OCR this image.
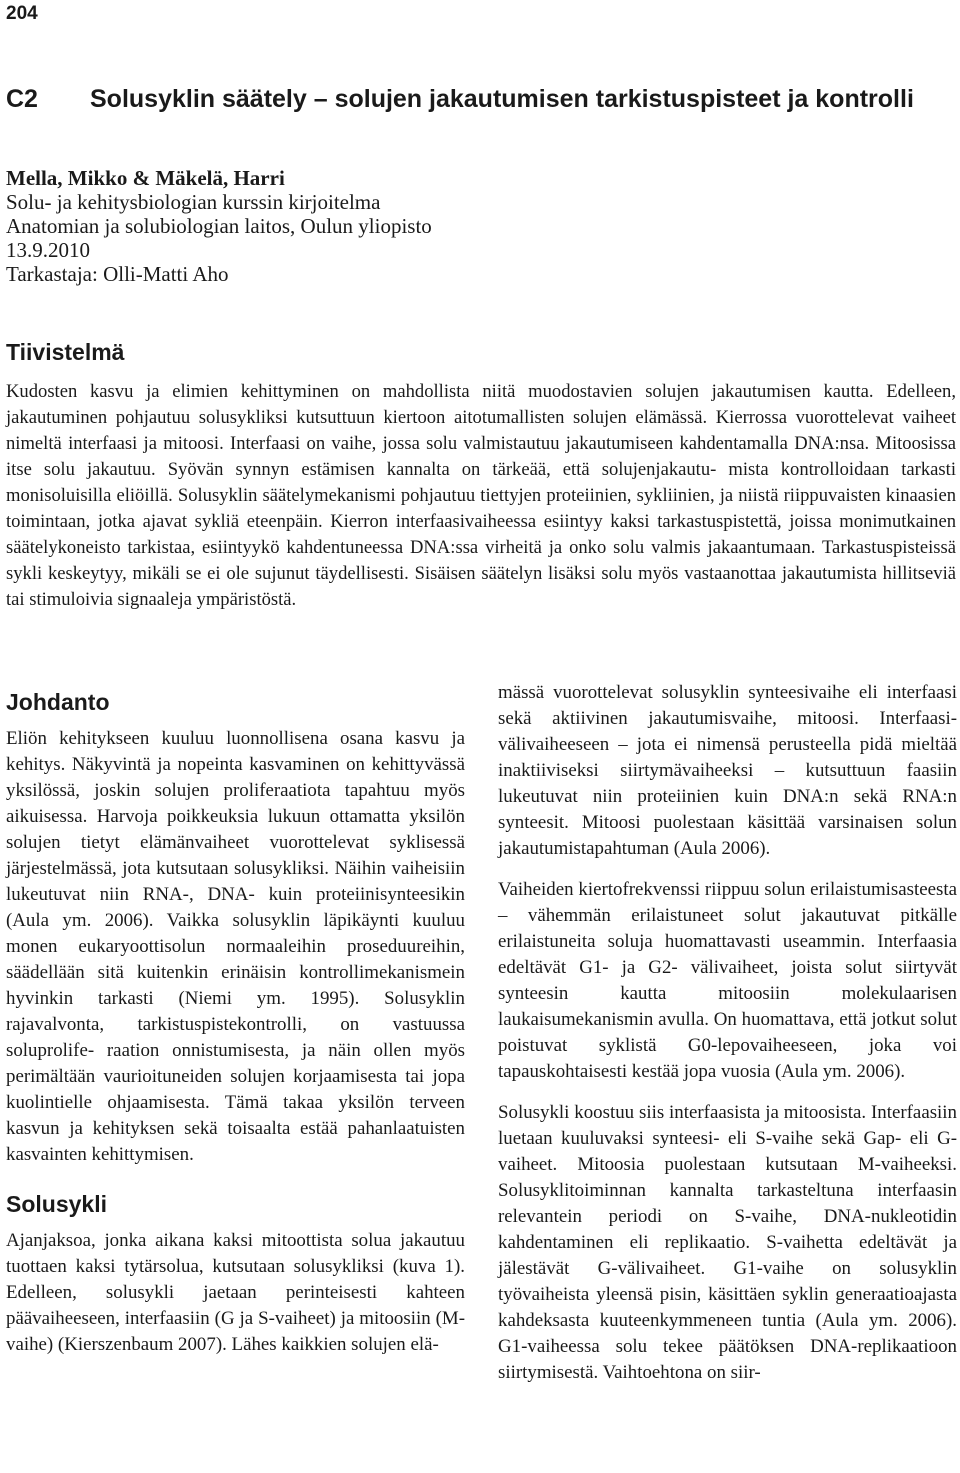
204
C2 Solusyklin säätely – solujen jakautumisen tarkistuspisteet ja kontrolli
Mella, Mikko & Mäkelä, Harri
Solu- ja kehitysbiologian kurssin kirjoitelma
Anatomian ja solubiologian laitos, Oulun yliopisto
13.9.2010
Tarkastaja: Olli-Matti Aho
Tiivistelmä

Kudosten kasvu ja elimien kehittyminen on mahdollista niitä muodostavien solujen jakautumisen kautta. Edelleen, jakautuminen pohjautuu solusykliksi kutsuttuun kiertoon aitotumallisten solujen elämässä. Kierrossa vuorottelevat vaiheet nimeltä interfaasi ja mitoosi. Interfaasi on vaihe, jossa solu valmistautuu jakautumiseen kahdentamalla DNA:nsa. Mitoosissa itse solu jakautuu. Syövän synnyn estämisen kannalta on tärkeää, että solujenjakautu- mista kontrolloidaan tarkasti monisoluisilla eliöillä. Solusyklin säätelymekanismi pohjautuu tiettyjen proteiinien, sykliinien, ja niistä riippuvaisten kinaasien toimintaan, jotka ajavat sykliä eteenpäin. Kierron interfaasivaiheessa esiintyy kaksi tarkastuspistettä, joissa monimutkainen säätelykoneisto tarkistaa, esiintyykö kahdentuneessa DNA:ssa virheitä ja onko solu valmis jakaantumaan. Tarkastuspisteissä sykli keskeytyy, mikäli se ei ole sujunut täydellisesti. Sisäisen säätelyn lisäksi solu myös vastaanottaa jakautumista hillitseviä tai stimuloivia signaaleja ympäristöstä.

Johdanto

Eliön kehitykseen kuuluu luonnollisena osana kasvu ja kehitys. Näkyvintä ja nopeinta kasvaminen on kehittyvässä yksilössä, joskin solujen proliferaatiota tapahtuu myös aikuisessa. Harvoja poikkeuksia lukuun ottamatta yksilön solujen tietyt elämänvaiheet vuorottelevat syklisessä järjestelmässä, jota kutsutaan solusykliksi. Näihin vaiheisiin lukeutuvat niin RNA-, DNA- kuin proteiinisynteesikin (Aula ym. 2006). Vaikka solusyklin läpikäynti kuuluu monen eukaryoottisolun normaaleihin proseduureihin, säädellään sitä kuitenkin erinäisin kontrollimekanismein hyvinkin tarkasti (Niemi ym. 1995). Solusyklin rajavalvonta, tarkistuspistekontrolli, on vastuussa soluprolife- raation onnistumisesta, ja näin ollen myös perimältään vaurioituneiden solujen korjaamisesta tai jopa kuolintielle ohjaamisesta. Tämä takaa yksilön terveen kasvun ja kehityksen sekä toisaalta estää pahanlaatuisten kasvainten kehittymisen.

Solusykli

Ajanjaksoa, jonka aikana kaksi mitoottista solua jakautuu tuottaen kaksi tytärsolua, kutsutaan solusykliksi (kuva 1). Edelleen, solusykli jaetaan perinteisesti kahteen päävaiheeseen, interfaasiin (G ja S-vaiheet) ja mitoosiin (M-vaihe) (Kierszenbaum 2007). Lähes kaikkien solujen elä-

mässä vuorottelevat solusyklin synteesivaihe eli interfaasi sekä aktiivinen jakautumisvaihe, mitoosi. Interfaasi-välivaiheeseen – jota ei nimensä perusteella pidä mieltää inaktiiviseksi siirtymävaiheeksi – kutsuttuun faasiin lukeutuvat niin proteiinien kuin DNA:n sekä RNA:n synteesit. Mitoosi puolestaan käsittää varsinaisen solun jakautumistapahtuman (Aula 2006).

Vaiheiden kiertofrekvenssi riippuu solun erilaistumisasteesta – vähemmän erilaistuneet solut jakautuvat pitkälle erilaistuneita soluja huomattavasti useammin. Interfaasia edeltävät G1- ja G2- välivaiheet, joista solut siirtyvät synteesin kautta mitoosiin molekulaarisen laukaisumekanismin avulla. On huomattava, että jotkut solut poistuvat syklistä G0-lepovaiheeseen, joka voi tapauskohtaisesti kestää jopa vuosia (Aula ym. 2006).

Solusykli koostuu siis interfaasista ja mitoosista. Interfaasiin luetaan kuuluvaksi synteesi- eli S-vaihe sekä Gap- eli G-vaiheet. Mitoosia puolestaan kutsutaan M-vaiheeksi. Solusyklitoiminnan kannalta tarkasteltuna interfaasin relevantein periodi on S-vaihe, DNA-nukleotidin kahdentaminen eli replikaatio. S-vaihetta edeltävät ja jälestävät G-välivaiheet. G1-vaihe on solusyklin työvaiheista yleensä pisin, käsittäen syklin generaatioajasta kahdeksasta kuuteenkymmeneen tuntia (Aula ym. 2006). G1-vaiheessa solu tekee päätöksen DNA-replikaatioon siirtymisestä. Vaihtoehtona on siir-
